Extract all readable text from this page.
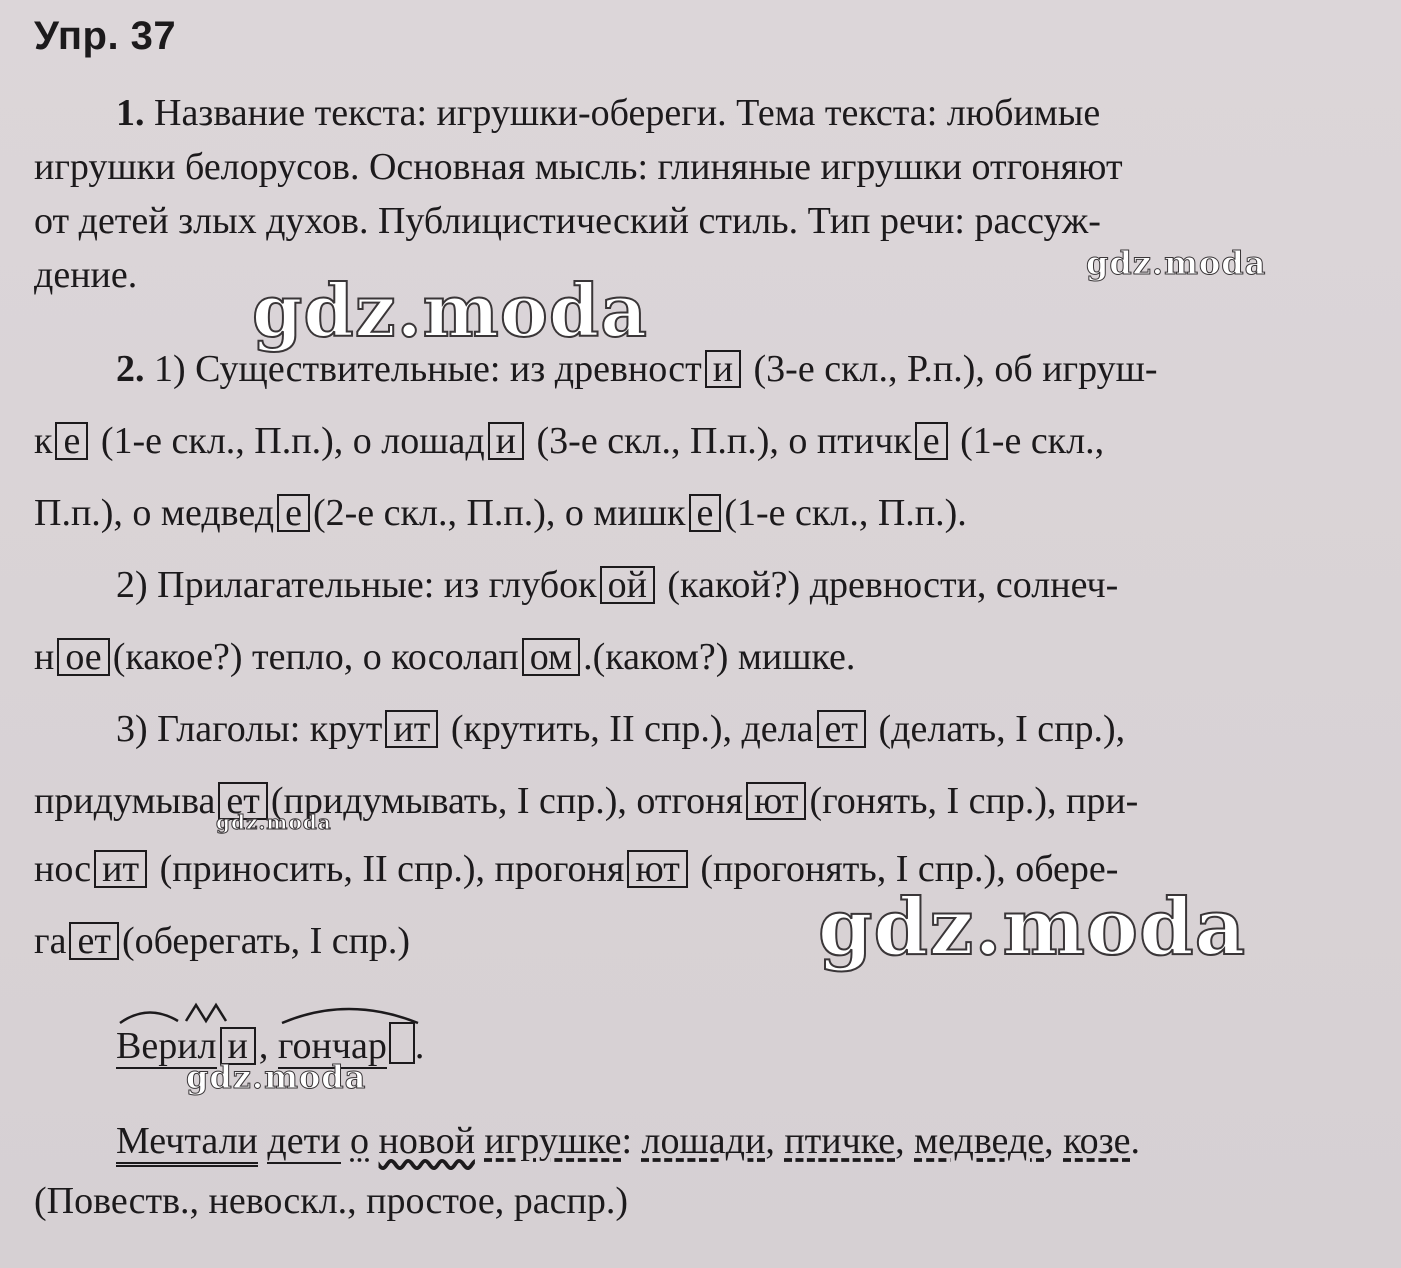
Упр. 37
1. Название текста: игрушки-обереги. Тема текста: любимые
игрушки белорусов. Основная мысль: глиняные игрушки отгоняют
от детей злых духов. Публицистический стиль. Тип речи: рассуж-
дение.
2. 1) Существительные: из древност и (3-е скл., Р.п.), об игруш-
к е (1-е скл., П.п.), о лошад и (3-е скл., П.п.), о птичк е (1-е скл.,
П.п.), о медвед е (2-е скл., П.п.), о мишк е (1-е скл., П.п.).
2) Прилагательные: из глубок ой (какой?) древности, солнеч-
н ое (какое?) тепло, о косолап ом .(каком?) мишке.
3) Глаголы: крут ит (крутить, II спр.), дела ет (делать, I спр.),
придумыва ет (придумывать, I спр.), отгоня ют (гонять, I спр.), при-
нос ит (приносить, II спр.), прогоня ют (прогонять, I спр.), обере-
га ет (оберегать, I спр.)
Верил и , гончар .
Мечтали дети о новой игрушке: лошади, птичке, медведе, козе.
(Повеств., невоскл., простое, распр.)
gdz.moda
gdz.moda
gdz.moda
gdz.moda
gdz.moda
